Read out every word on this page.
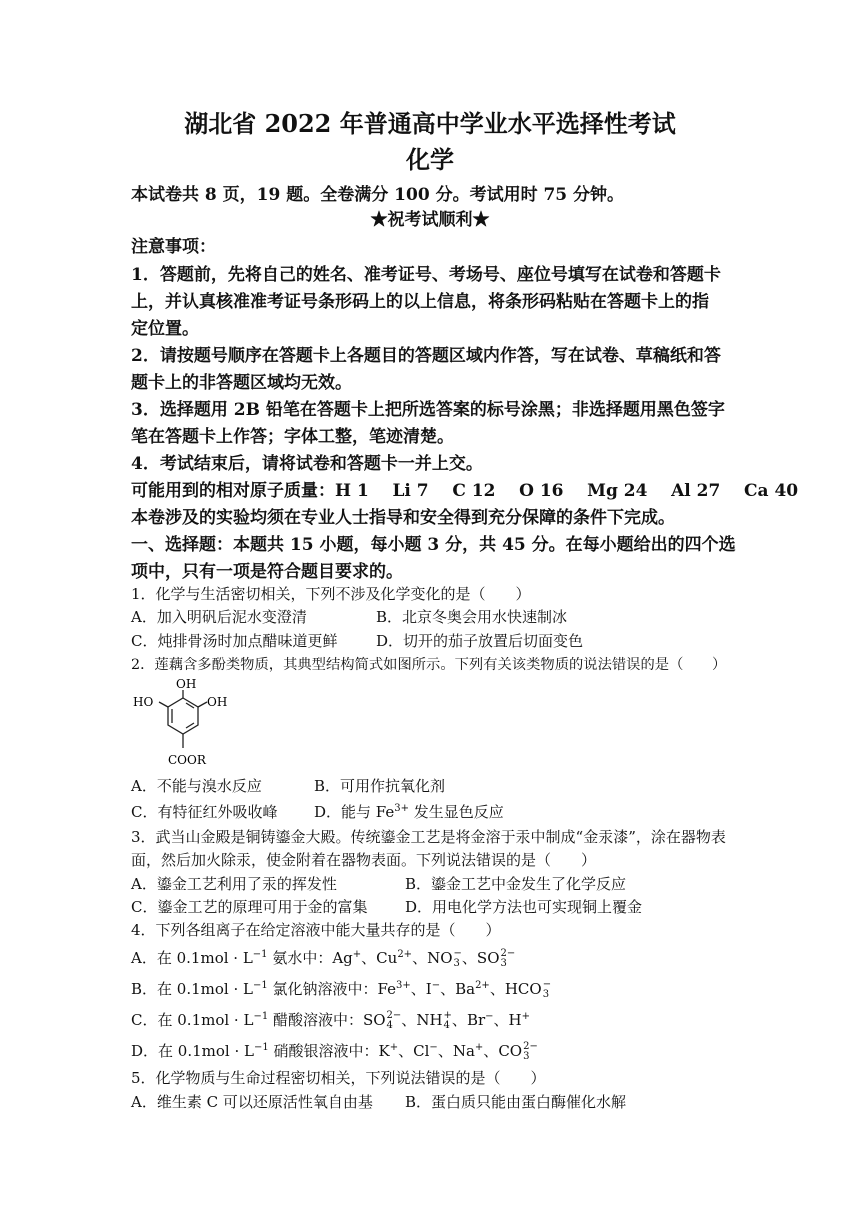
湖北省 2022 年普通高中学业水平选择性考试
化学
本试卷共 8 页，19 题。全卷满分 100 分。考试用时 75 分钟。
★祝考试顺利★
注意事项：
1．答题前，先将自己的姓名、准考证号、考场号、座位号填写在试卷和答题卡
上，并认真核准准考证号条形码上的以上信息，将条形码粘贴在答题卡上的指
定位置。
2．请按题号顺序在答题卡上各题目的答题区域内作答，写在试卷、草稿纸和答
题卡上的非答题区域均无效。
3．选择题用 2B 铅笔在答题卡上把所选答案的标号涂黑；非选择题用黑色签字
笔在答题卡上作答；字体工整，笔迹清楚。
4．考试结束后，请将试卷和答题卡一并上交。
可能用到的相对原子质量：H 1    Li 7    C 12    O 16    Mg 24    Al 27    Ca 40
本卷涉及的实验均须在专业人士指导和安全得到充分保障的条件下完成。
一、选择题：本题共 15 小题，每小题 3 分，共 45 分。在每小题给出的四个选
项中，只有一项是符合题目要求的。
1．化学与生活密切相关，下列不涉及化学变化的是（　　）
A．加入明矾后泥水变澄清	B．北京冬奥会用水快速制冰
C．炖排骨汤时加点醋味道更鲜	D．切开的茄子放置后切面变色
2．莲藕含多酚类物质，其典型结构简式如图所示。下列有关该类物质的说法错误的是（　　）
OH
HO	OH
COOR
A．不能与溴水反应	B．可用作抗氧化剂
C．有特征红外吸收峰 D．能与 $Fe^{3+}$ 发生显色反应
3．武当山金殿是铜铸鎏金大殿。传统鎏金工艺是将金溶于汞中制成“金汞漆”，涂在器物表
面，然后加火除汞，使金附着在器物表面。下列说法错误的是（　　）
A．鎏金工艺利用了汞的挥发性	B．鎏金工艺中金发生了化学反应
C．鎏金工艺的原理可用于金的富集	D．用电化学方法也可实现铜上覆金
4．下列各组离子在给定溶液中能大量共存的是（　　）
A．在 $0.1mol \cdot L^{-1}$ 氨水中：Ag+、$Cu^{2+}$、NO −
3 、SO 2−
3
B．在 $0.1mol \cdot L^{-1}$ 氯化钠溶液中：$Fe^{3+}$、I−、$Ba^{2+}$、HCO −
3
C．在 $0.1mol \cdot L^{-1}$ 醋酸溶液中：SO 2−
4 、NH +
4 、Br−、H+
D．在 $0.1mol \cdot L^{-1}$ 硝酸银溶液中：K+、Cl−、Na+、CO 2−
3
5．化学物质与生命过程密切相关，下列说法错误的是（　　）
A．维生素 C 可以还原活性氧自由基 B．蛋白质只能由蛋白酶催化水解
